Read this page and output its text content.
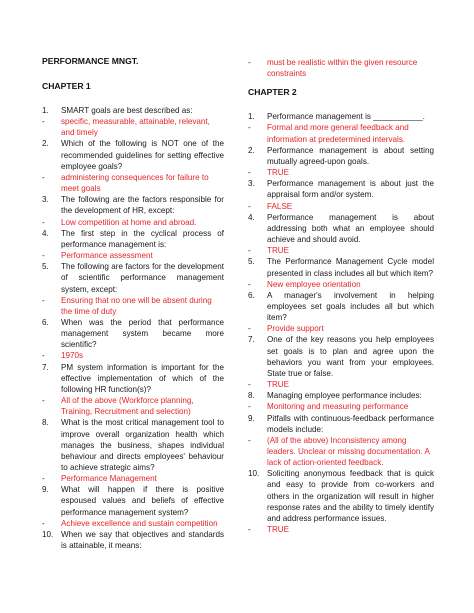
PERFORMANCE MNGT.
CHAPTER 1
1.	SMART goals are best described as:
-	specific, measurable, attainable, relevant, and timely
2.	Which of the following is NOT one of the recommended guidelines for setting effective employee goals?
-	administering consequences for failure to meet goals
3.	The following are the factors responsible for the development of HR, except:
-	Low competition at home and abroad.
4.	The first step in the cyclical process of performance management is:
-	Performance assessment
5.	The following are factors for the development of scientific performance management system, except:
-	Ensuring that no one will be absent during the time of duty
6.	When was the period that performance management system became more scientific?
-	1970s
7.	PM system information is important for the effective implementation of which of the following HR function(s)?
-	All of the above (Workforce planning, Training, Recruitment and selection)
8.	What is the most critical management tool to improve overall organization health which manages the business, shapes individual behaviour and directs employees' behaviour to achieve strategic aims?
-	Performance Management
9.	What will happen if there is positive espoused values and beliefs of effective performance management system?
-	Achieve excellence and sustain competition
10. When we say that objectives and standards is attainable, it means:
-	must be realistic within the given resource constraints
CHAPTER 2
1.	Performance management is ___________.
-	Formal and more general feedback and information at predetermined intervals.
2.	Performance management is about setting mutually agreed-upon goals.
-	TRUE
3.	Performance management is about just the appraisal form and/or system.
-	FALSE
4.	Performance management is about addressing both what an employee should achieve and should avoid.
-	TRUE
5.	The Performance Management Cycle model presented in class includes all but which item?
-	New employee orientation
6.	A manager's involvement in helping employees set goals includes all but which item?
-	Provide support
7.	One of the key reasons you help employees set goals is to plan and agree upon the behaviors you want from your employees. State true or false.
-	TRUE
8.	Managing employee performance includes:
-	Monitoring and measuring performance
9.	Pitfalls with continuous-feedback performance models include:
-	(All of the above) Inconsistency among leaders. Unclear or missing documentation. A lack of action-oriented feedback.
10. Soliciting anonymous feedback that is quick and easy to provide from co-workers and others in the organization will result in higher response rates and the ability to timely identify and address performance issues.
-	TRUE
